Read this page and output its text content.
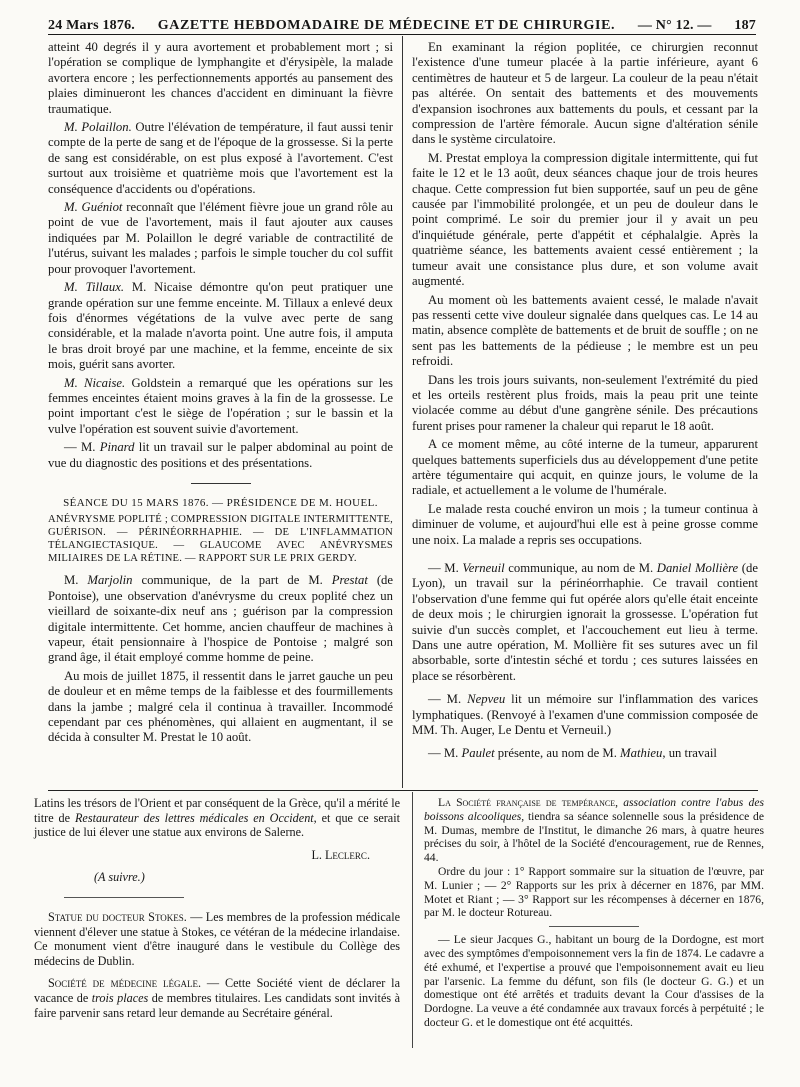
24 Mars 1876. GAZETTE HEBDOMADAIRE DE MÉDECINE ET DE CHIRURGIE. — N° 12. — 187

atteint 40 degrés il y aura avortement et probablement mort ; si l'opération se complique de lymphangite et d'érysipèle, la malade avortera encore ; les perfectionnements apportés au pansement des plaies diminueront les chances d'accident en diminuant la fièvre traumatique.

M. Polaillon. Outre l'élévation de température, il faut aussi tenir compte de la perte de sang et de l'époque de la grossesse. Si la perte de sang est considérable, on est plus exposé à l'avortement. C'est surtout aux troisième et quatrième mois que l'avortement est la conséquence d'accidents ou d'opérations.

M. Guéniot reconnaît que l'élément fièvre joue un grand rôle au point de vue de l'avortement, mais il faut ajouter aux causes indiquées par M. Polaillon le degré variable de contractilité de l'utérus, suivant les malades ; parfois le simple toucher du col suffit pour provoquer l'avortement.

M. Tillaux. M. Nicaise démontre qu'on peut pratiquer une grande opération sur une femme enceinte. M. Tillaux a enlevé deux fois d'énormes végétations de la vulve avec perte de sang considérable, et la malade n'avorta point. Une autre fois, il amputa le bras droit broyé par une machine, et la femme, enceinte de six mois, guérit sans avorter.

M. Nicaise. Goldstein a remarqué que les opérations sur les femmes enceintes étaient moins graves à la fin de la grossesse. Le point important c'est le siège de l'opération ; sur le bassin et la vulve l'opération est souvent suivie d'avortement.

— M. Pinard lit un travail sur le palper abdominal au point de vue du diagnostic des positions et des présentations.

SÉANCE DU 15 MARS 1876. — PRÉSIDENCE DE M. HOUEL.

ANÉVRYSME POPLITÉ ; COMPRESSION DIGITALE INTERMITTENTE, GUÉRISON. — PÉRINÉORRHAPHIE. — DE L'INFLAMMATION TÉLANGIECTASIQUE. — GLAUCOME AVEC ANÉVRYSMES MILIAIRES DE LA RÉTINE. — RAPPORT SUR LE PRIX GERDY.

M. Marjolin communique, de la part de M. Prestat (de Pontoise), une observation d'anévrysme du creux poplité chez un vieillard de soixante-dix neuf ans ; guérison par la compression digitale intermittente. Cet homme, ancien chauffeur de machines à vapeur, était pensionnaire à l'hospice de Pontoise ; malgré son grand âge, il était employé comme homme de peine.

Au mois de juillet 1875, il ressentit dans le jarret gauche un peu de douleur et en même temps de la faiblesse et des fourmillements dans la jambe ; malgré cela il continua à travailler. Incommodé cependant par ces phénomènes, qui allaient en augmentant, il se décida à consulter M. Prestat le 10 août.

En examinant la région poplitée, ce chirurgien reconnut l'existence d'une tumeur placée à la partie inférieure, ayant 6 centimètres de hauteur et 5 de largeur. La couleur de la peau n'était pas altérée. On sentait des battements et des mouvements d'expansion isochrones aux battements du pouls, et cessant par la compression de l'artère fémorale. Aucun signe d'altération sénile dans le système circulatoire.

M. Prestat employa la compression digitale intermittente, qui fut faite le 12 et le 13 août, deux séances chaque jour de trois heures chaque. Cette compression fut bien supportée, sauf un peu de gêne causée par l'immobilité prolongée, et un peu de douleur dans le point comprimé. Le soir du premier jour il y avait un peu d'inquiétude générale, perte d'appétit et céphalalgie. Après la quatrième séance, les battements avaient cessé entièrement ; la tumeur avait une consistance plus dure, et son volume avait augmenté.

Au moment où les battements avaient cessé, le malade n'avait pas ressenti cette vive douleur signalée dans quelques cas. Le 14 au matin, absence complète de battements et de bruit de souffle ; on ne sent pas les battements de la pédieuse ; le membre est un peu refroidi.

Dans les trois jours suivants, non-seulement l'extrémité du pied et les orteils restèrent plus froids, mais la peau prit une teinte violacée comme au début d'une gangrène sénile. Des précautions furent prises pour ramener la chaleur qui reparut le 18 août.

A ce moment même, au côté interne de la tumeur, apparurent quelques battements superficiels dus au développement d'une petite artère tégumentaire qui acquit, en quinze jours, le volume de la radiale, et actuellement a le volume de l'humérale.

Le malade resta couché environ un mois ; la tumeur continua à diminuer de volume, et aujourd'hui elle est à peine grosse comme une noix. La malade a repris ses occupations.

— M. Verneuil communique, au nom de M. Daniel Mollière (de Lyon), un travail sur la périnéorrhaphie. Ce travail contient l'observation d'une femme qui fut opérée alors qu'elle était enceinte de deux mois ; le chirurgien ignorait la grossesse. L'opération fut suivie d'un succès complet, et l'accouchement eut lieu à terme. Dans une autre opération, M. Mollière fit ses sutures avec un fil absorbable, sorte d'intestin séché et tordu ; ces sutures laissées en place se résorbèrent.

— M. Nepveu lit un mémoire sur l'inflammation des varices lymphatiques. (Renvoyé à l'examen d'une commission composée de MM. Th. Auger, Le Dentu et Verneuil.)

— M. Paulet présente, au nom de M. Mathieu, un travail

Latins les trésors de l'Orient et par conséquent de la Grèce, qu'il a mérité le titre de Restaurateur des lettres médicales en Occident, et que ce serait justice de lui élever une statue aux environs de Salerne.

L. Leclerc.

(A suivre.)

Statue du docteur Stokes. — Les membres de la profession médicale viennent d'élever une statue à Stokes, ce vétéran de la médecine irlandaise. Ce monument vient d'être inauguré dans le vestibule du Collège des médecins de Dublin.

Société de médecine légale. — Cette Société vient de déclarer la vacance de trois places de membres titulaires. Les candidats sont invités à faire parvenir sans retard leur demande au Secrétaire général.

La Société française de tempérance, association contre l'abus des boissons alcooliques, tiendra sa séance solennelle sous la présidence de M. Dumas, membre de l'Institut, le dimanche 26 mars, à quatre heures précises du soir, à l'hôtel de la Société d'encouragement, rue de Rennes, 44.

Ordre du jour : 1° Rapport sommaire sur la situation de l'œuvre, par M. Lunier ; — 2° Rapports sur les prix à décerner en 1876, par MM. Motet et Riant ; — 3° Rapport sur les récompenses à décerner en 1876, par M. le docteur Rotureau.

— Le sieur Jacques G., habitant un bourg de la Dordogne, est mort avec des symptômes d'empoisonnement vers la fin de 1874. Le cadavre a été exhumé, et l'expertise a prouvé que l'empoisonnement avait eu lieu par l'arsenic. La femme du défunt, son fils (le docteur G. G.) et un domestique ont été arrêtés et traduits devant la Cour d'assises de la Dordogne. La veuve a été condamnée aux travaux forcés à perpétuité ; le docteur G. et le domestique ont été acquittés.
